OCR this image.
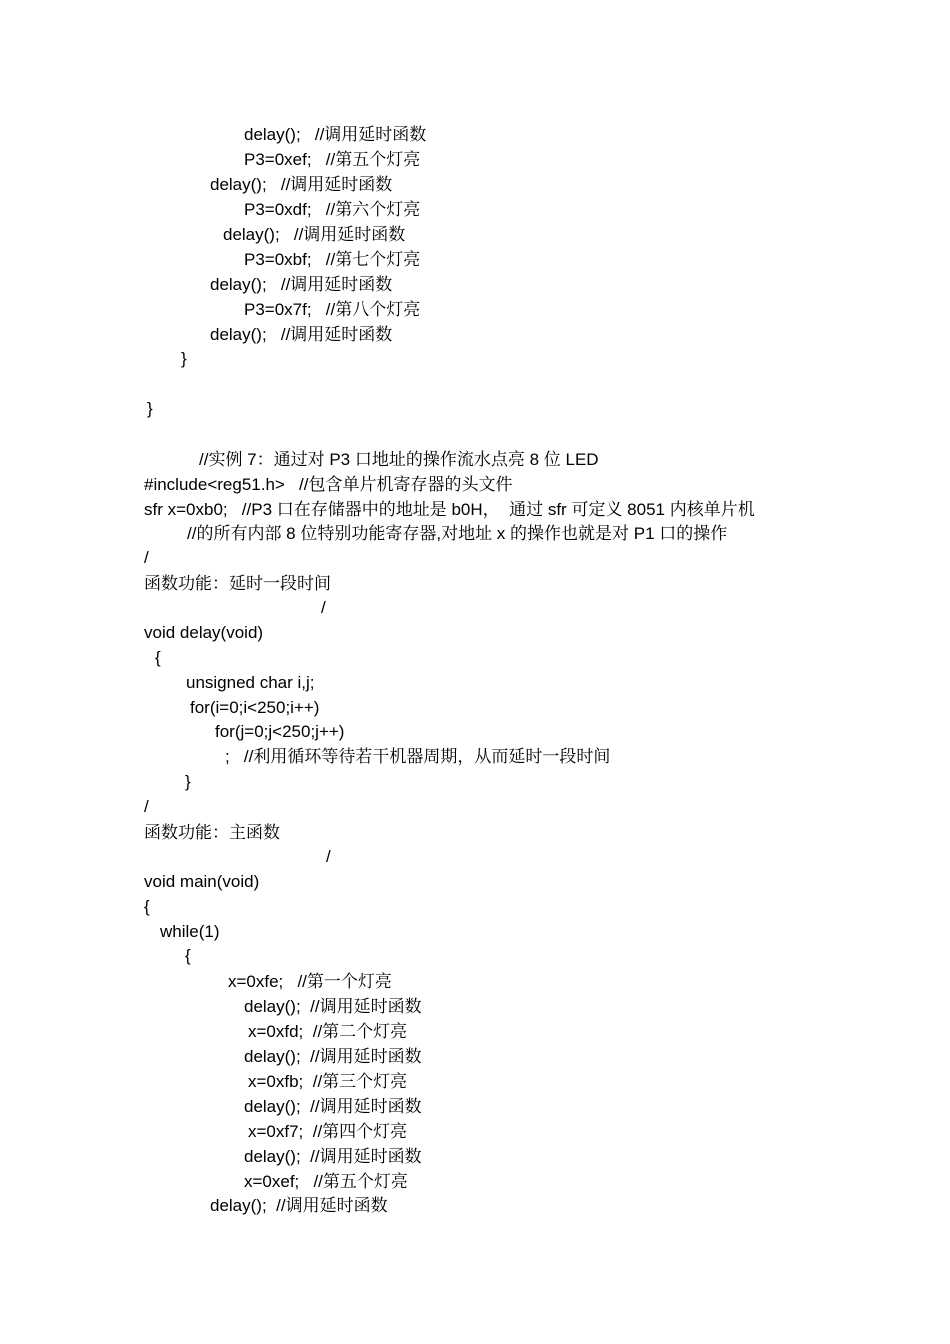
delay();   //调用延时函数
P3=0xef;   //第五个灯亮
delay();   //调用延时函数
P3=0xdf;   //第六个灯亮
delay();   //调用延时函数
P3=0xbf;   //第七个灯亮
delay();   //调用延时函数
P3=0x7f;   //第八个灯亮
delay();   //调用延时函数
}
}
//实例 7：通过对 P3 口地址的操作流水点亮 8 位 LED
#include<reg51.h>   //包含单片机寄存器的头文件
sfr x=0xb0;   //P3 口在存储器中的地址是 b0H，  通过 sfr 可定义 8051 内核单片机
//的所有内部 8 位特别功能寄存器,对地址 x 的操作也就是对 P1 口的操作
/
函数功能：延时一段时间
/
void delay(void)
{
unsigned char i,j;
for(i=0;i<250;i++)
for(j=0;j<250;j++)
;   //利用循环等待若干机器周期，从而延时一段时间
}
/
函数功能：主函数
/
void main(void)
{
while(1)
{
x=0xfe;   //第一个灯亮
delay();  //调用延时函数
x=0xfd;  //第二个灯亮
delay();  //调用延时函数
x=0xfb;  //第三个灯亮
delay();  //调用延时函数
x=0xf7;  //第四个灯亮
delay();  //调用延时函数
x=0xef;   //第五个灯亮
delay();  //调用延时函数
